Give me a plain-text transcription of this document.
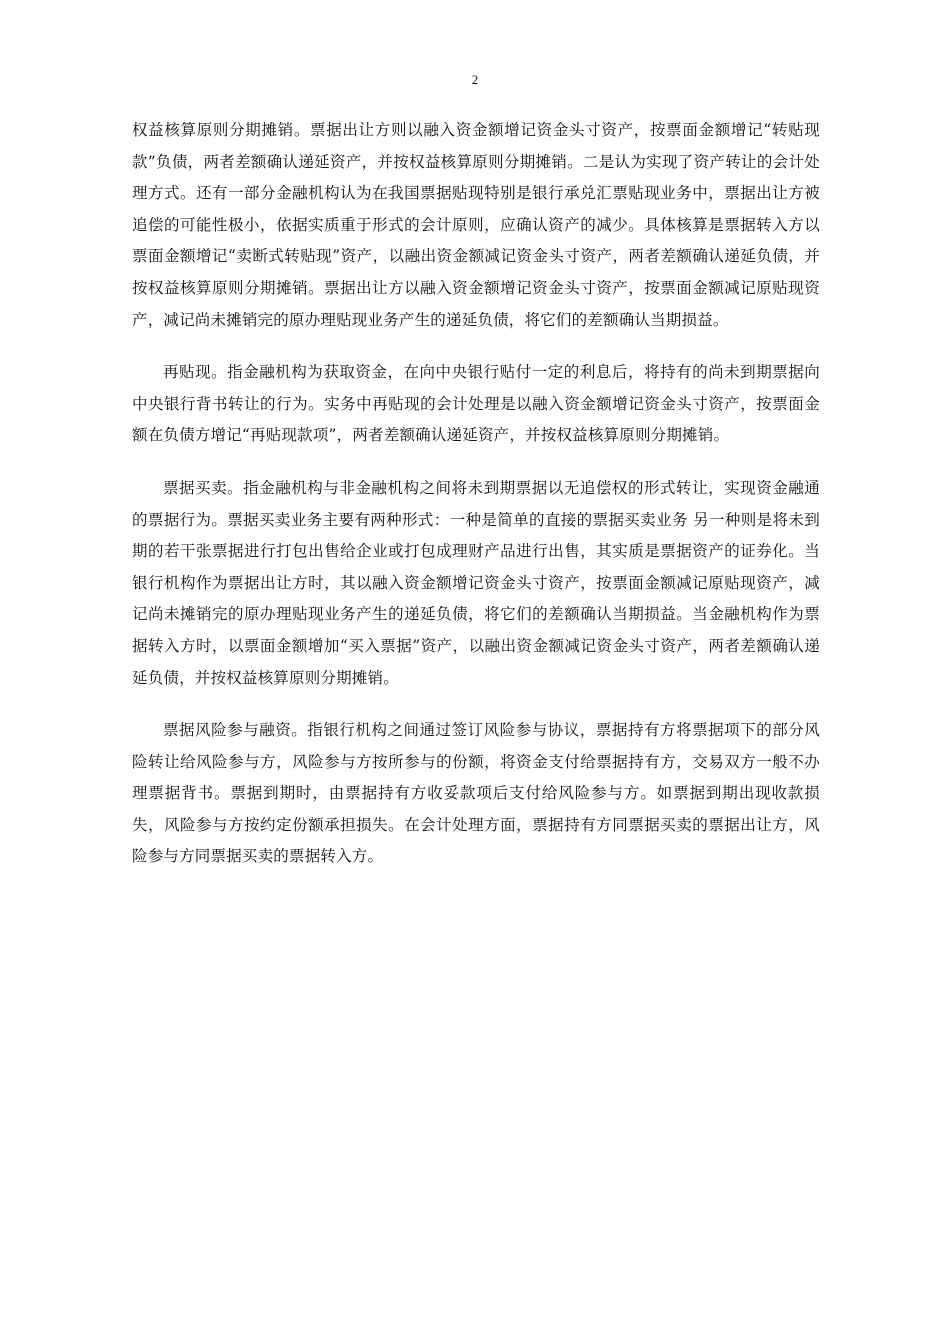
2

权益核算原则分期摊销。票据出让方则以融入资金额增记资金头寸资产，按票面金额增记“转贴现款”负债，两者差额确认递延资产，并按权益核算原则分期摊销。二是认为实现了资产转让的会计处理方式。还有一部分金融机构认为在我国票据贴现特别是银行承兑汇票贴现业务中，票据出让方被追偿的可能性极小，依据实质重于形式的会计原则，应确认资产的减少。具体核算是票据转入方以票面金额增记“卖断式转贴现”资产，以融出资金额减记资金头寸资产，两者差额确认递延负债，并按权益核算原则分期摊销。票据出让方以融入资金额增记资金头寸资产，按票面金额减记原贴现资产，减记尚未摊销完的原办理贴现业务产生的递延负债，将它们的差额确认当期损益。

再贴现。指金融机构为获取资金，在向中央银行贴付一定的利息后，将持有的尚未到期票据向中央银行背书转让的行为。实务中再贴现的会计处理是以融入资金额增记资金头寸资产，按票面金额在负债方增记“再贴现款项”，两者差额确认递延资产，并按权益核算原则分期摊销。

票据买卖。指金融机构与非金融机构之间将未到期票据以无追偿权的形式转让，实现资金融通的票据行为。票据买卖业务主要有两种形式：一种是简单的直接的票据买卖业务 另一种则是将未到期的若干张票据进行打包出售给企业或打包成理财产品进行出售，其实质是票据资产的证券化。当银行机构作为票据出让方时，其以融入资金额增记资金头寸资产，按票面金额减记原贴现资产，减记尚未摊销完的原办理贴现业务产生的递延负债，将它们的差额确认当期损益。当金融机构作为票据转入方时，以票面金额增加“买入票据”资产，以融出资金额减记资金头寸资产，两者差额确认递延负债，并按权益核算原则分期摊销。

票据风险参与融资。指银行机构之间通过签订风险参与协议，票据持有方将票据项下的部分风险转让给风险参与方，风险参与方按所参与的份额，将资金支付给票据持有方，交易双方一般不办理票据背书。票据到期时，由票据持有方收妥款项后支付给风险参与方。如票据到期出现收款损失，风险参与方按约定份额承担损失。在会计处理方面，票据持有方同票据买卖的票据出让方，风险参与方同票据买卖的票据转入方。
